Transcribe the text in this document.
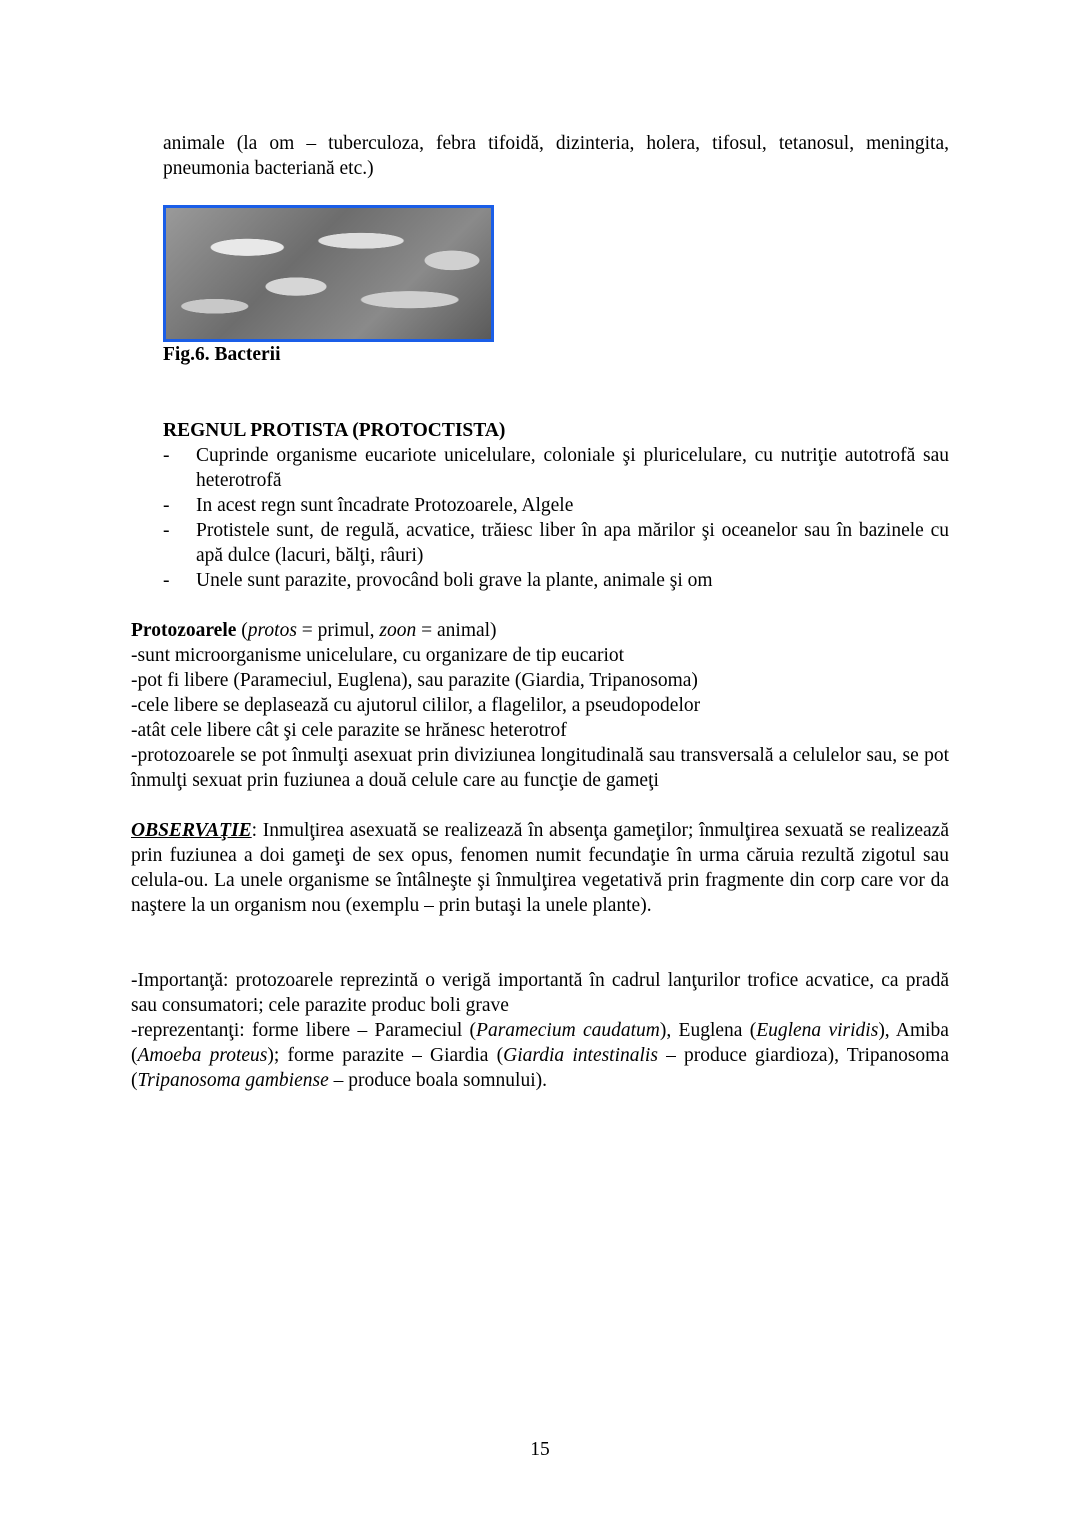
animale (la om – tuberculoza, febra tifoidă, dizinteria, holera, tifosul, tetanosul, meningita, pneumonia bacteriană etc.)
Fig.6. Bacterii
REGNUL PROTISTA (PROTOCTISTA)
- Cuprinde organisme eucariote unicelulare, coloniale şi pluricelulare, cu nutriţie autotrofă sau heterotrofă
- In acest regn sunt încadrate Protozoarele, Algele
- Protistele sunt, de regulă, acvatice, trăiesc liber în apa mărilor şi oceanelor sau în bazinele cu apă dulce (lacuri, bălţi, râuri)
- Unele sunt parazite, provocând boli grave la plante, animale şi om

Protozoarele (protos = primul, zoon = animal)

-sunt microorganisme unicelulare, cu organizare de tip eucariot

-pot fi libere (Parameciul, Euglena), sau parazite (Giardia, Tripanosoma)

-cele libere se deplasează cu ajutorul cililor, a flagelilor, a pseudopodelor

-atât cele libere cât şi cele parazite se hrănesc heterotrof

-protozoarele se pot înmulţi asexuat prin diviziunea longitudinală sau transversală a celulelor sau, se pot înmulţi sexuat prin fuziunea a două celule care au funcţie de gameţi

OBSERVAŢIE: Inmulţirea asexuată se realizează în absenţa gameţilor; înmulţirea sexuată se realizează prin fuziunea a doi gameţi de sex opus, fenomen numit fecundaţie în urma căruia rezultă zigotul sau celula-ou. La unele organisme se întâlneşte şi înmulţirea vegetativă prin fragmente din corp care vor da naştere la un organism nou (exemplu – prin butaşi la unele plante).

-Importanţă: protozoarele reprezintă o verigă importantă în cadrul lanţurilor trofice acvatice, ca pradă sau consumatori; cele parazite produc boli grave

-reprezentanţi: forme libere – Parameciul (Paramecium caudatum), Euglena (Euglena viridis), Amiba (Amoeba proteus); forme parazite – Giardia (Giardia intestinalis – produce giardioza), Tripanosoma (Tripanosoma gambiense – produce boala somnului).

15
